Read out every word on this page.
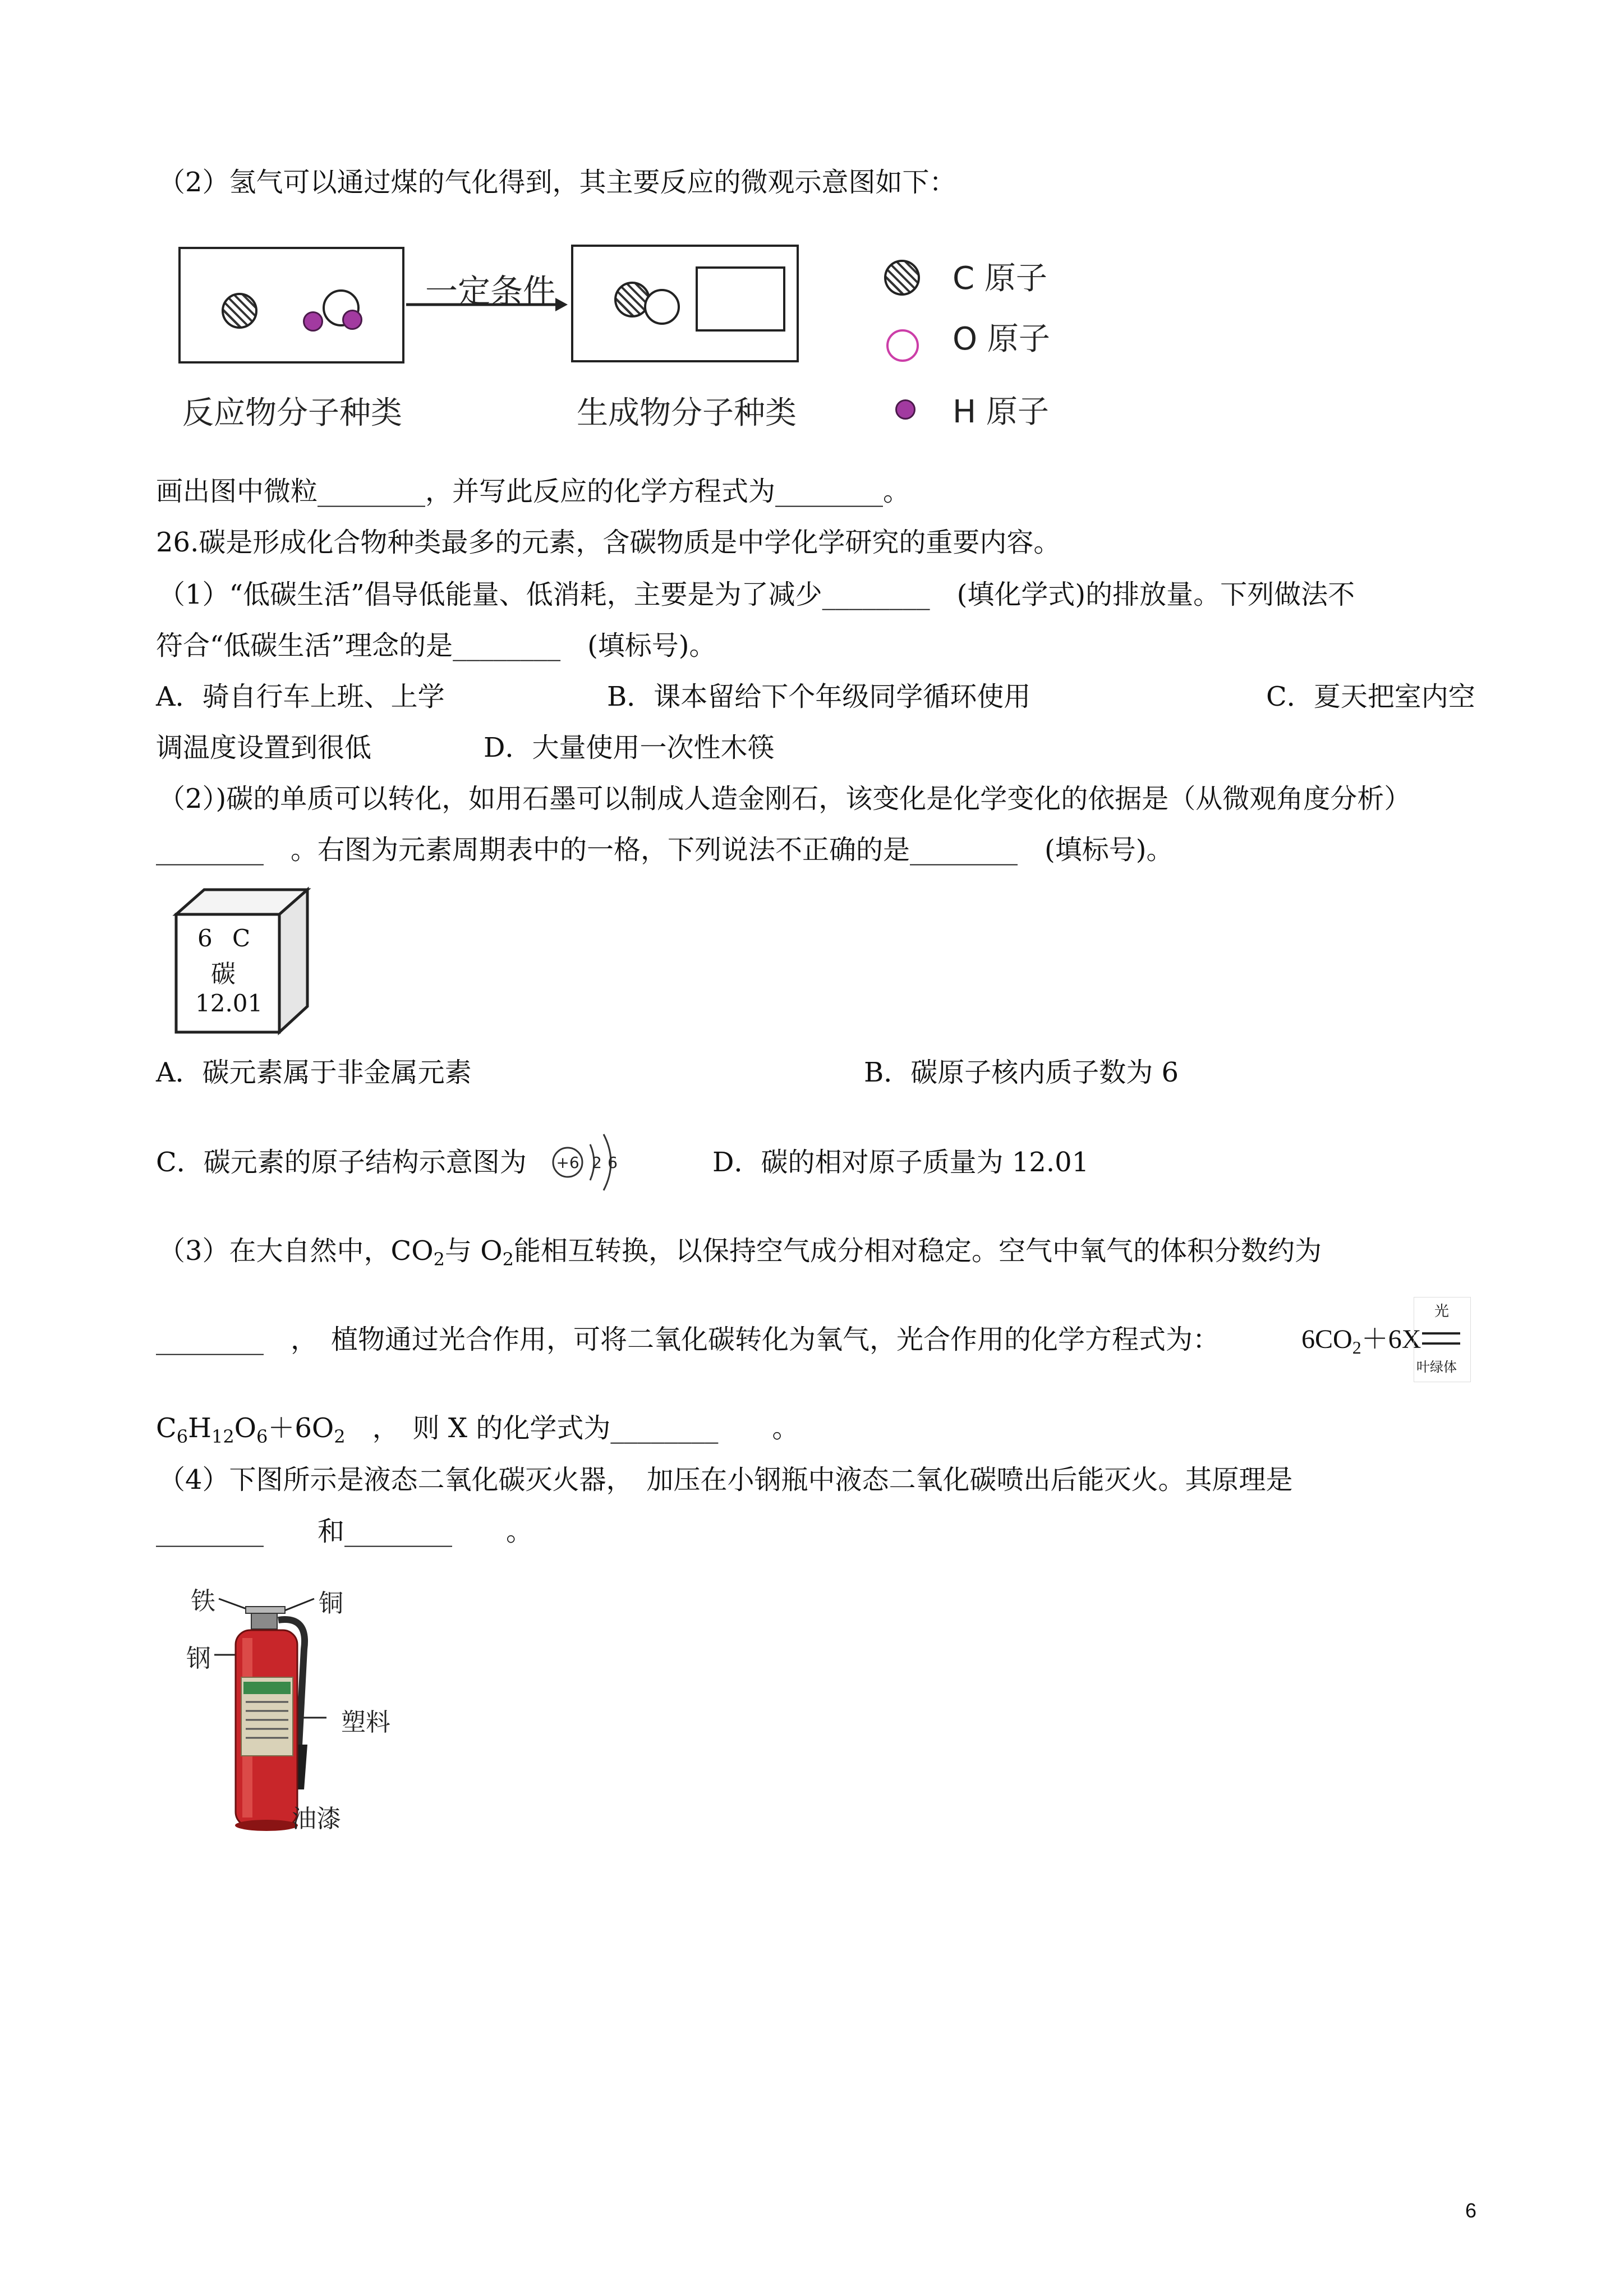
（2）氢气可以通过煤的气化得到，其主要反应的微观示意图如下：
一定条件
反应物分子种类	生成物分子种类
C 原子
O 原子
H 原子
画出图中微粒________，并写此反应的化学方程式为________。
26.碳是形成化合物种类最多的元素，含碳物质是中学化学研究的重要内容。
（1）“低碳生活”倡导低能量、低消耗，主要是为了减少________　(填化学式)的排放量。下列做法不
符合“低碳生活”理念的是________　(填标号)。
A．骑自行车上班、上学	B．课本留给下个年级同学循环使用	C．夏天把室内空
调温度设置到很低	D．大量使用一次性木筷
（2）)碳的单质可以转化，如用石墨可以制成人造金刚石，该变化是化学变化的依据是（从微观角度分析）
________　。右图为元素周期表中的一格，下列说法不正确的是________　(填标号)。
6 C
碳
12.01
A．碳元素属于非金属元素	B．碳原子核内质子数为 6
C．碳元素的原子结构示意图为 +6 2 6	D．碳的相对原子质量为 12.01
（3）在大自然中，$CO_2$与 $O_2$能相互转换，以保持空气成分相对稳定。空气中氧气的体积分数约为
________　，　植物通过光合作用，可将二氧化碳转化为氧气，光合作用的化学方程式为：	$6CO_2+6X$
光
叶绿体
$C_6H_{12}O_6+6O_2$　，　则 X 的化学式为________　　。
（4）下图所示是液态二氧化碳灭火器，　加压在小钢瓶中液态二氧化碳喷出后能灭火。其原理是
________　　和________　　。
铁	铜
钢
塑料
油漆
6
